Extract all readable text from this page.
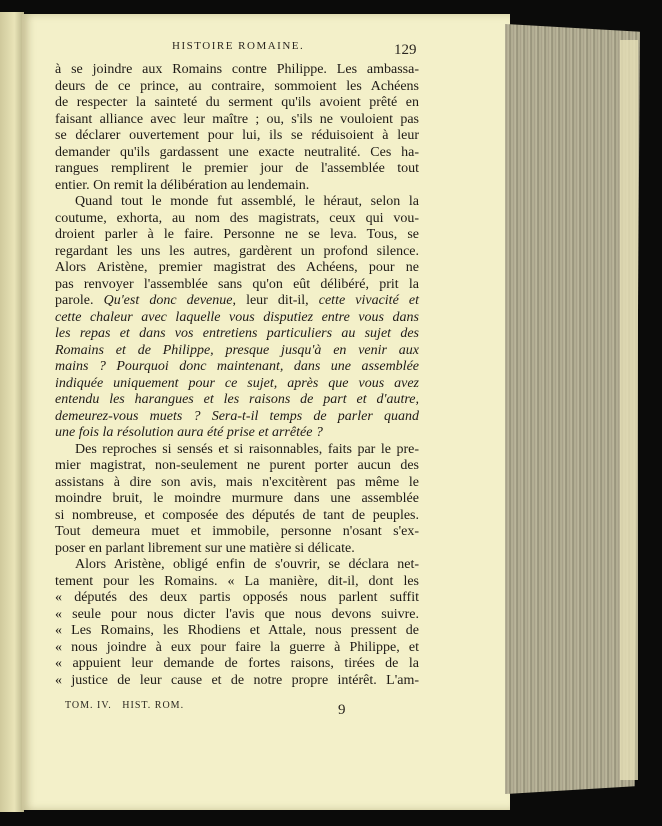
HISTOIRE ROMAINE.	129
à se joindre aux Romains contre Philippe. Les ambassa-
deurs de ce prince, au contraire, sommoient les Achéens
de respecter la sainteté du serment qu'ils avoient prêté en
faisant alliance avec leur maître ; ou, s'ils ne vouloient pas
se déclarer ouvertement pour lui, ils se réduisoient à leur
demander qu'ils gardassent une exacte neutralité. Ces ha-
rangues remplirent le premier jour de l'assemblée tout
entier. On remit la délibération au lendemain.
Quand tout le monde fut assemblé, le héraut, selon la
coutume, exhorta, au nom des magistrats, ceux qui vou-
droient parler à le faire. Personne ne se leva. Tous, se
regardant les uns les autres, gardèrent un profond silence.
Alors Aristène, premier magistrat des Achéens, pour ne
pas renvoyer l'assemblée sans qu'on eût délibéré, prit la
parole. Qu'est donc devenue, leur dit-il, cette vivacité et
cette chaleur avec laquelle vous disputiez entre vous dans
les repas et dans vos entretiens particuliers au sujet des
Romains et de Philippe, presque jusqu'à en venir aux
mains ? Pourquoi donc maintenant, dans une assemblée
indiquée uniquement pour ce sujet, après que vous avez
entendu les harangues et les raisons de part et d'autre,
demeurez-vous muets ? Sera-t-il temps de parler quand
une fois la résolution aura été prise et arrêtée ?
Des reproches si sensés et si raisonnables, faits par le pre-
mier magistrat, non-seulement ne purent porter aucun des
assistans à dire son avis, mais n'excitèrent pas même le
moindre bruit, le moindre murmure dans une assemblée
si nombreuse, et composée des députés de tant de peuples.
Tout demeura muet et immobile, personne n'osant s'ex-
poser en parlant librement sur une matière si délicate.
Alors Aristène, obligé enfin de s'ouvrir, se déclara net-
tement pour les Romains. « La manière, dit-il, dont les
« députés des deux partis opposés nous parlent suffit
« seule pour nous dicter l'avis que nous devons suivre.
« Les Romains, les Rhodiens et Attale, nous pressent de
« nous joindre à eux pour faire la guerre à Philippe, et
« appuient leur demande de fortes raisons, tirées de la
« justice de leur cause et de notre propre intérêt. L'am-
TOM. IV.   HIST. ROM.	9
